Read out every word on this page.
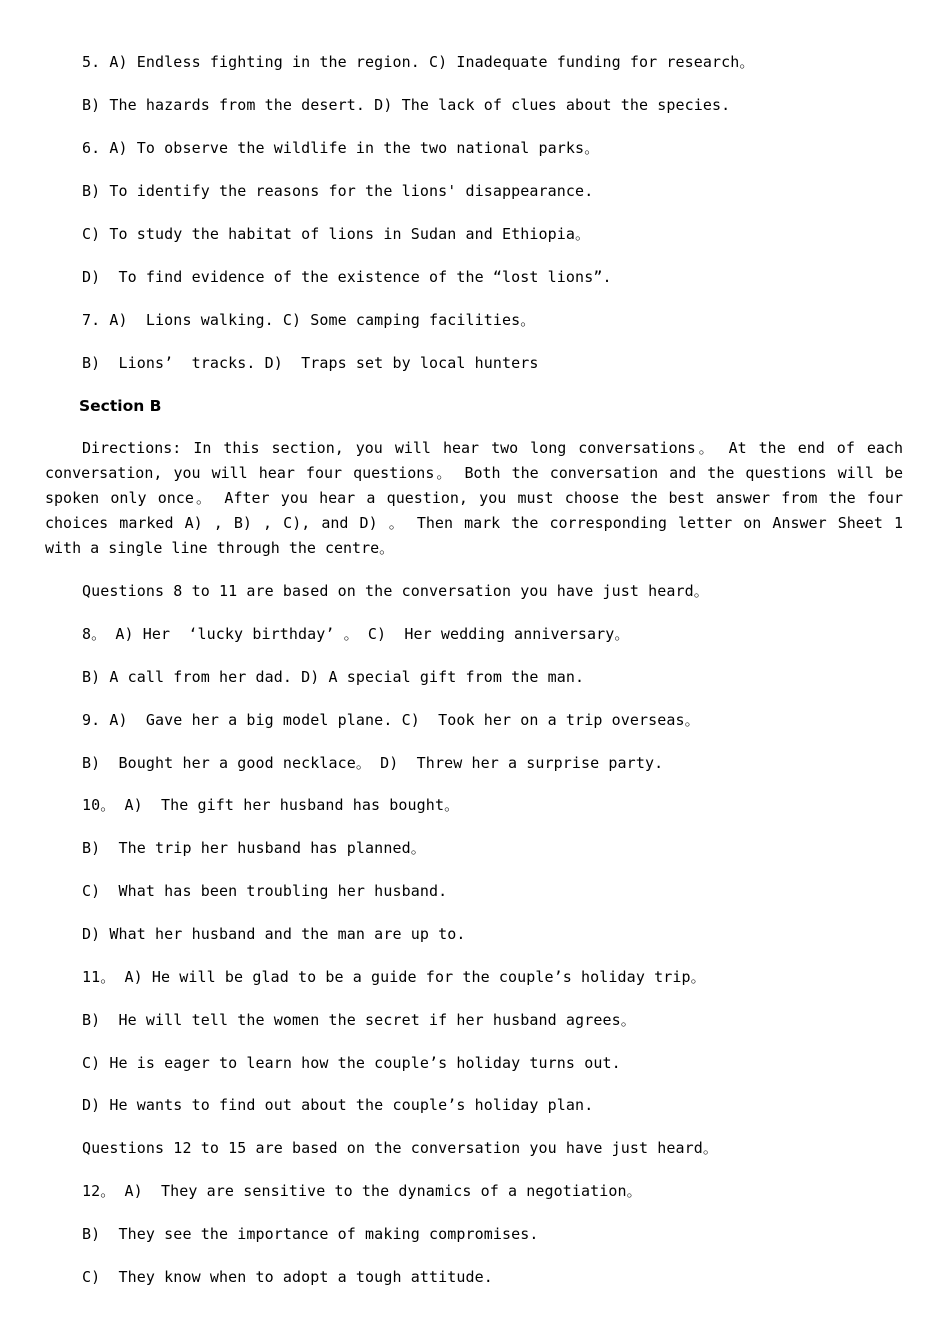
5. A) Endless fighting in the region. C) Inadequate funding for research。
B) The hazards from the desert. D) The lack of clues about the species.
6. A) To observe the wildlife in the two national parks。
B) To identify the reasons for the lions' disappearance.
C) To study the habitat of lions in Sudan and Ethiopia。
D)  To find evidence of the existence of the “lost lions”.
7. A)  Lions walking. C) Some camping facilities。
B)  Lions’  tracks. D)  Traps set by local hunters
Section B
Directions: In this section, you will hear two long conversations。 At the end of each conversation, you will hear four questions。 Both the conversation and the questions will be spoken only once。 After you hear a question, you must choose the best answer from the four choices marked A) , B) , C), and D) 。 Then mark the corresponding letter on Answer Sheet 1 with a single line through the centre。
Questions 8 to 11 are based on the conversation you have just heard。
8。 A) Her  ‘lucky birthday’ 。 C)  Her wedding anniversary。
B) A call from her dad. D) A special gift from the man.
9. A)  Gave her a big model plane. C)  Took her on a trip overseas。
B)  Bought her a good necklace。 D)  Threw her a surprise party.
10。 A)  The gift her husband has bought。
B)  The trip her husband has planned。
C)  What has been troubling her husband.
D) What her husband and the man are up to.
11。 A) He will be glad to be a guide for the couple’s holiday trip。
B)  He will tell the women the secret if her husband agrees。
C) He is eager to learn how the couple’s holiday turns out.
D) He wants to find out about the couple’s holiday plan.
Questions 12 to 15 are based on the conversation you have just heard。
12。 A)  They are sensitive to the dynamics of a negotiation。
B)  They see the importance of making compromises.
C)  They know when to adopt a tough attitude.
